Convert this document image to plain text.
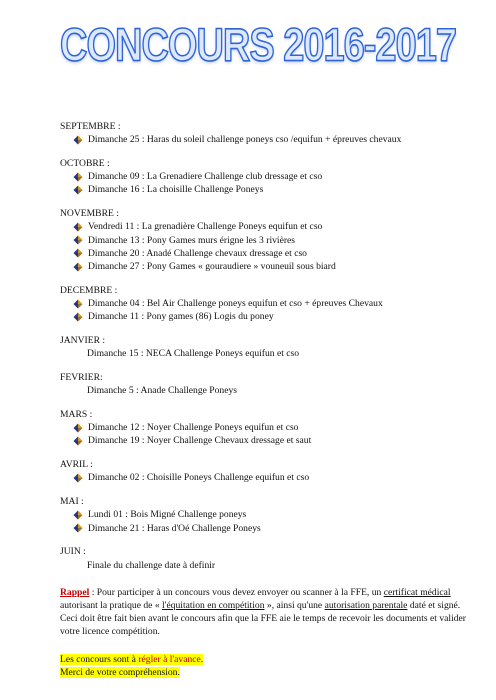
CONCOURS 2016-2017
SEPTEMBRE :
Dimanche 25 : Haras du soleil challenge poneys cso /equifun + épreuves chevaux
OCTOBRE :
Dimanche 09 : La Grenadiere Challenge club dressage et cso
Dimanche 16 : La choisille Challenge Poneys
NOVEMBRE :
Vendredi 11 : La grenadière Challenge Poneys equifun et cso
Dimanche 13 : Pony Games murs érigne les 3 rivières
Dimanche 20 : Anadé Challenge chevaux dressage et cso
Dimanche 27 : Pony Games « gouraudiere » vouneuil sous biard
DECEMBRE :
Dimanche 04 : Bel Air Challenge poneys equifun et cso + épreuves Chevaux
Dimanche 11 : Pony games (86) Logis du poney
JANVIER :
Dimanche 15 : NECA Challenge Poneys equifun et cso
FEVRIER:
Dimanche 5 : Anade Challenge Poneys
MARS :
Dimanche 12 : Noyer Challenge Poneys equifun et cso
Dimanche 19 : Noyer Challenge Chevaux dressage et saut
AVRIL :
Dimanche 02 : Choisille Poneys Challenge equifun et cso
MAI :
Lundi 01 : Bois Migné Challenge poneys
Dimanche 21 : Haras d'Oé Challenge Poneys
JUIN :
Finale du challenge date à definir
Rappel : Pour participer à un concours vous devez envoyer ou scanner à la FFE, un certificat médical autorisant la pratique de « l'équitation en compétition », ainsi qu'une autorisation parentale daté et signé. Ceci doit être fait bien avant le concours afin que la FFE aie le temps de recevoir les documents et valider votre licence compétition.
Les concours sont à régler à l'avance.
Merci de votre compréhension.
